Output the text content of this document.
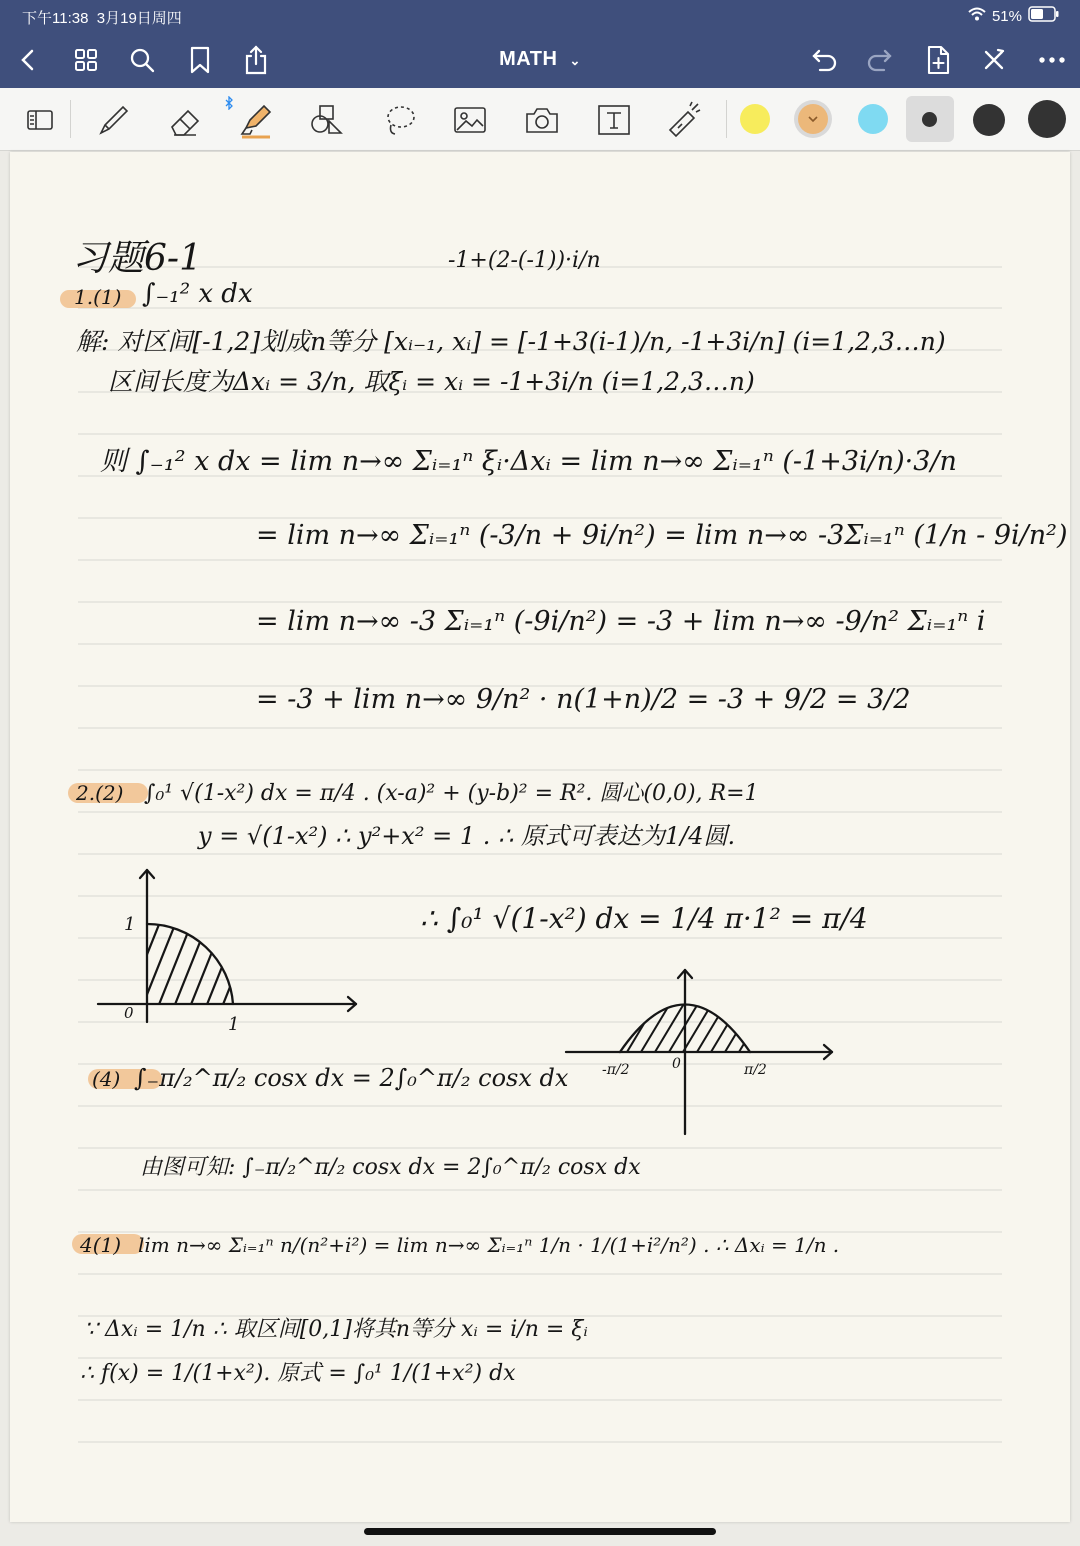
下午11:38 3月19日周四	51%
MATH ⌄
习题6-1	-1+(2-(-1))·i/n
1.(1) ∫₋₁² x dx
解: 对区间[-1,2]划成n等分 [xᵢ₋₁, xᵢ] = [-1+3(i-1)/n, -1+3i/n] (i=1,2,3…n)
区间长度为Δxᵢ = 3/n, 取ξᵢ = xᵢ = -1+3i/n (i=1,2,3…n)
则 ∫₋₁² x dx = lim n→∞ Σᵢ₌₁ⁿ ξᵢ·Δxᵢ = lim n→∞ Σᵢ₌₁ⁿ (-1+3i/n)·3/n
= lim n→∞ Σᵢ₌₁ⁿ (-3/n + 9i/n²) = lim n→∞ -3Σᵢ₌₁ⁿ (1/n - 9i/n²)
= lim n→∞ -3 Σᵢ₌₁ⁿ (-9i/n²) = -3 + lim n→∞ -9/n² Σᵢ₌₁ⁿ i
= -3 + lim n→∞ 9/n² · n(1+n)/2 = -3 + 9/2 = 3/2
2.(2) ∫₀¹ √(1-x²) dx = π/4 . (x-a)² + (y-b)² = R². 圆心(0,0), R=1
y = √(1-x²) ∴ y²+x² = 1 . ∴ 原式可表达为1/4圆.
∴ ∫₀¹ √(1-x²) dx = 1/4 π·1² = π/4
1
1
0
-π/2	π/2
0
(4) ∫₋π/₂^π/₂ cosx dx = 2∫₀^π/₂ cosx dx
由图可知: ∫₋π/₂^π/₂ cosx dx = 2∫₀^π/₂ cosx dx
4(1) lim n→∞ Σᵢ₌₁ⁿ n/(n²+i²) = lim n→∞ Σᵢ₌₁ⁿ 1/n · 1/(1+i²/n²) . ∴ Δxᵢ = 1/n .
∵ Δxᵢ = 1/n ∴ 取区间[0,1]将其n等分 xᵢ = i/n = ξᵢ
∴ f(x) = 1/(1+x²). 原式 = ∫₀¹ 1/(1+x²) dx
